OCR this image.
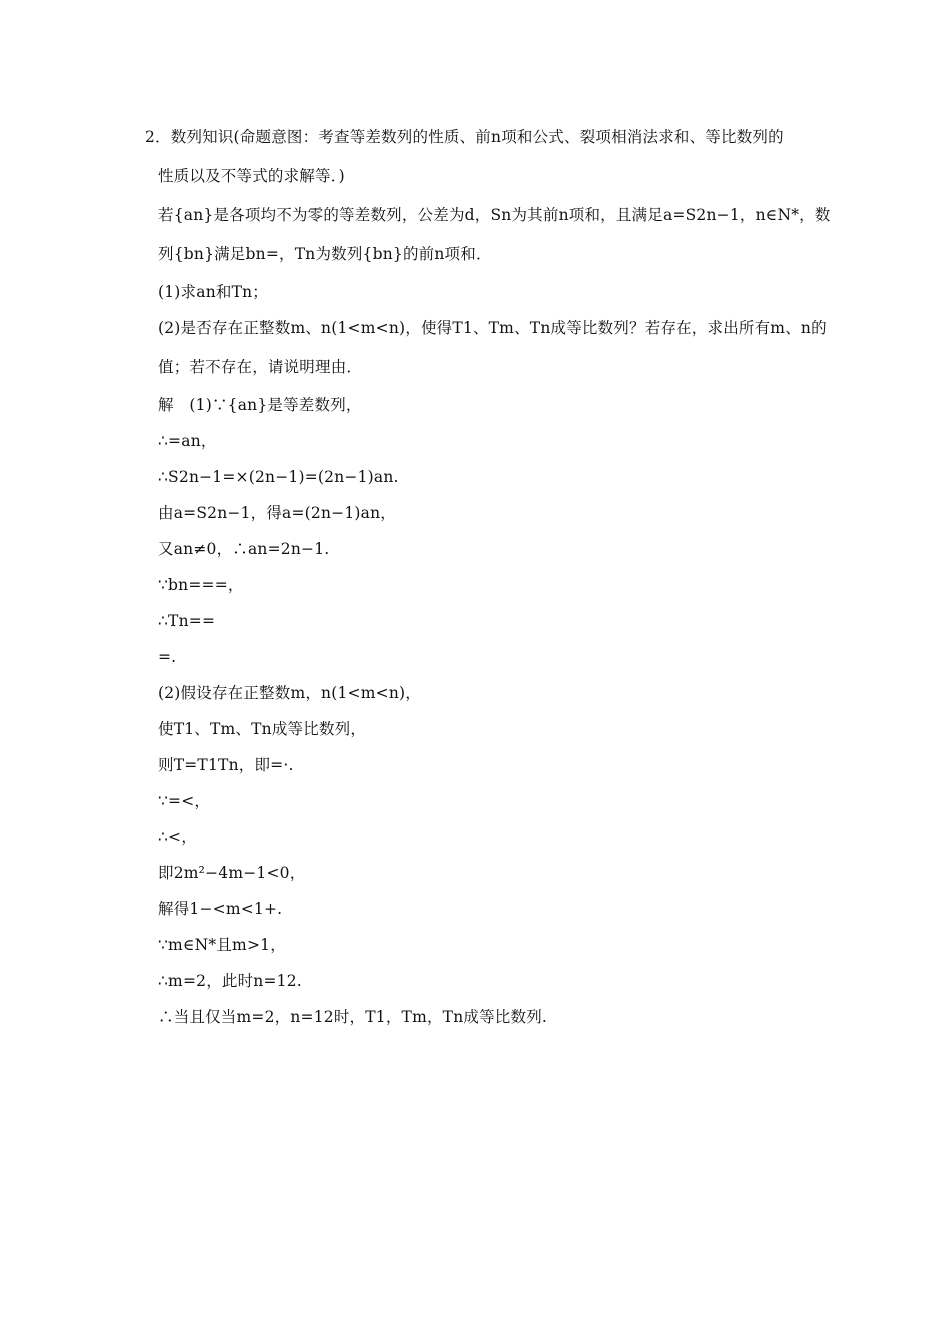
2．数列知识(命题意图：考查等差数列的性质、前n项和公式、裂项相消法求和、等比数列的
性质以及不等式的求解等．)
若{an}是各项均不为零的等差数列，公差为d，Sn为其前n项和，且满足a=S2n−1，n∈N*，数
列{bn}满足bn=，Tn为数列{bn}的前n项和．
(1)求an和Tn；
(2)是否存在正整数m、n(1<m<n)，使得T1、Tm、Tn成等比数列？若存在，求出所有m、n的
值；若不存在，请说明理由．
解　(1)∵{an}是等差数列，
∴=an，
∴S2n−1=×(2n−1)=(2n−1)an.
由a=S2n−1，得a=(2n−1)an，
又an≠0，∴an=2n−1.
∵bn===，
∴Tn==
=.
(2)假设存在正整数m，n(1<m<n)，
使T1、Tm、Tn成等比数列，
则T=T1Tn，即=·.
∵=<，
∴<，
即2m²−4m−1<0，
解得1−<m<1+.
∵m∈N*且m>1，
∴m=2，此时n=12.
∴当且仅当m=2，n=12时，T1，Tm，Tn成等比数列.
